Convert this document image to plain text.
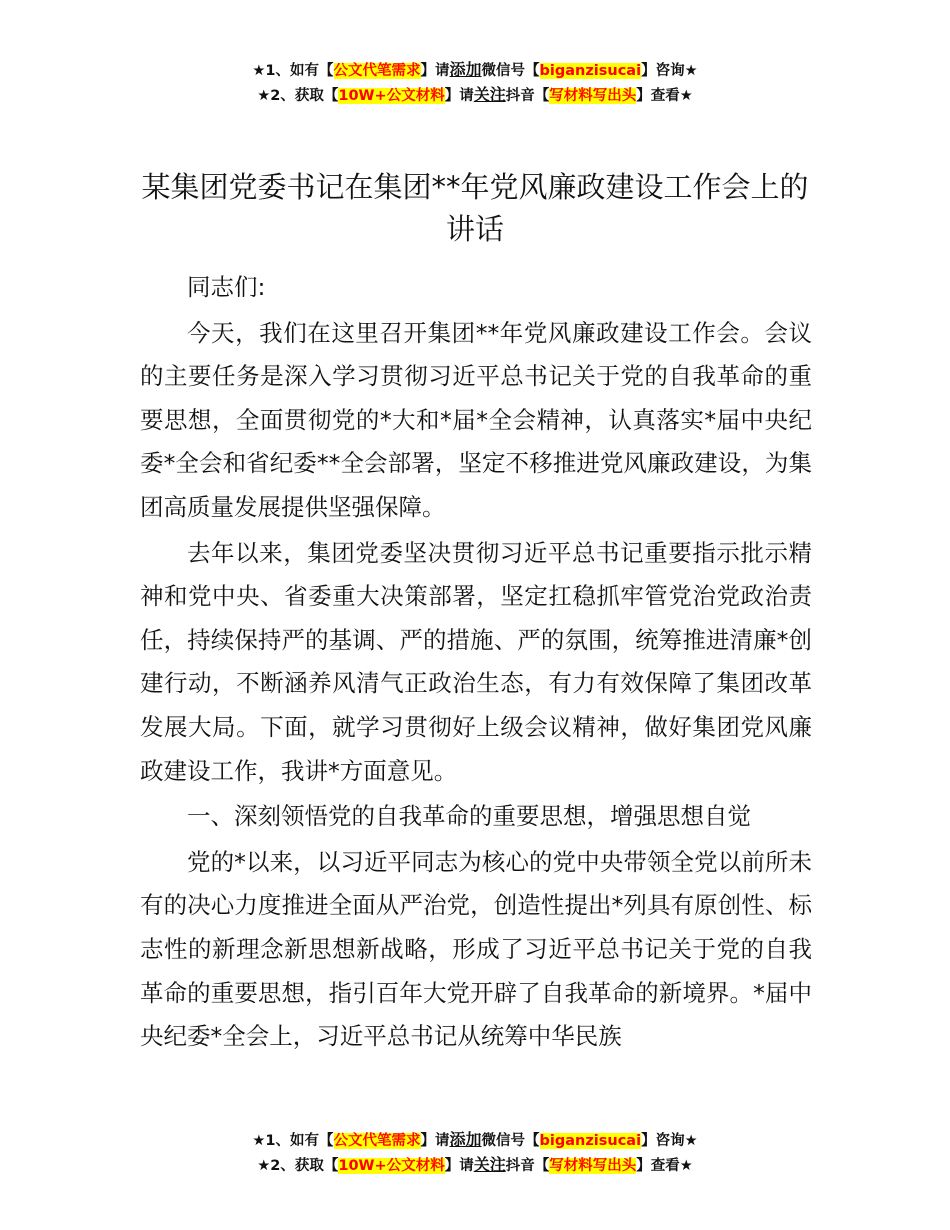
★1、如有【公文代笔需求】请添加微信号【biganzisucai】咨询★
★2、获取【10W+公文材料】请关注抖音【写材料写出头】查看★
某集团党委书记在集团**年党风廉政建设工作会上的讲话

同志们:

今天，我们在这里召开集团**年党风廉政建设工作会。会议的主要任务是深入学习贯彻习近平总书记关于党的自我革命的重要思想，全面贯彻党的*大和*届*全会精神，认真落实*届中央纪委*全会和省纪委**全会部署，坚定不移推进党风廉政建设，为集团高质量发展提供坚强保障。

去年以来，集团党委坚决贯彻习近平总书记重要指示批示精神和党中央、省委重大决策部署，坚定扛稳抓牢管党治党政治责任，持续保持严的基调、严的措施、严的氛围，统筹推进清廉*创建行动，不断涵养风清气正政治生态，有力有效保障了集团改革发展大局。下面，就学习贯彻好上级会议精神，做好集团党风廉政建设工作，我讲*方面意见。

一、深刻领悟党的自我革命的重要思想，增强思想自觉

党的*以来，以习近平同志为核心的党中央带领全党以前所未有的决心力度推进全面从严治党，创造性提出*列具有原创性、标志性的新理念新思想新战略，形成了习近平总书记关于党的自我革命的重要思想，指引百年大党开辟了自我革命的新境界。*届中央纪委*全会上，习近平总书记从统筹中华民族

★1、如有【公文代笔需求】请添加微信号【biganzisucai】咨询★
★2、获取【10W+公文材料】请关注抖音【写材料写出头】查看★
